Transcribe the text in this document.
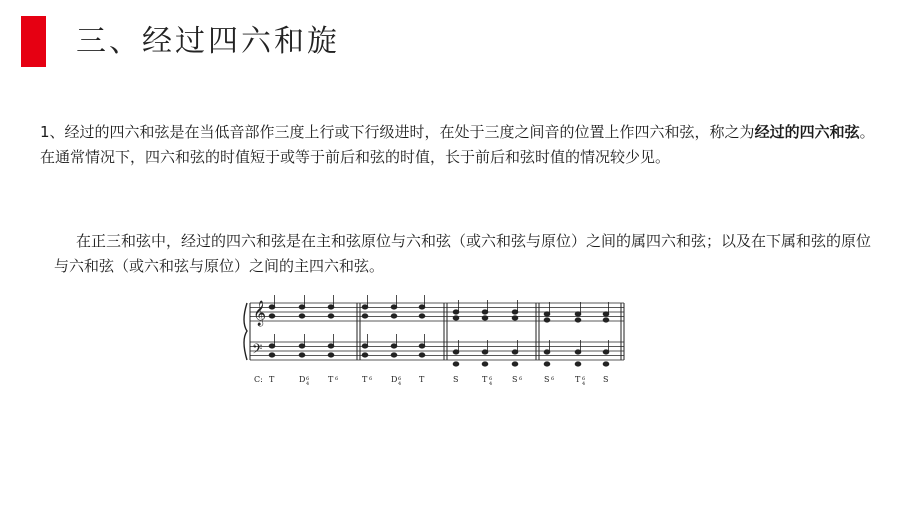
三、经过四六和旋
1、经过的四六和弦是在当低音部作三度上行或下行级进时，在处于三度之间音的位置上作四六和弦，称之为经过的四六和弦。在通常情况下，四六和弦的时值短于或等于前后和弦的时值，长于前后和弦时值的情况较少见。
在正三和弦中，经过的四六和弦是在主和弦原位与六和弦（或六和弦与原位）之间的属四六和弦；以及在下属和弦的原位与六和弦（或六和弦与原位）之间的主四六和弦。
𝄞
𝄢
C: T	D 6
4 T 6	T 6 D 6
4 T	S	T 6
4 S 6	S 6	T 6
4 S
